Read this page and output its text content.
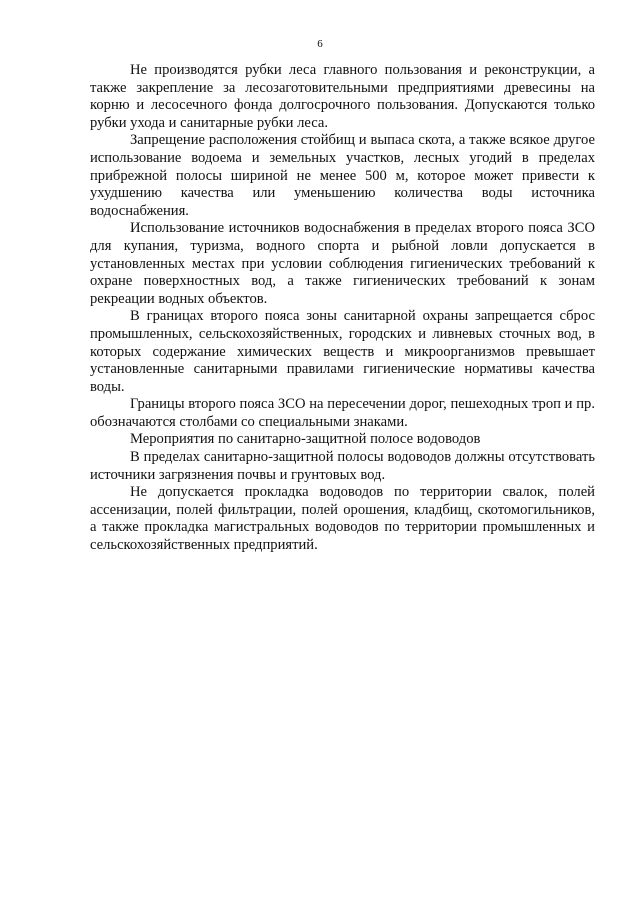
6

Не производятся рубки леса главного пользования и реконструкции, а также закрепление за лесозаготовительными предприятиями древесины на корню и лесосечного фонда долгосрочного пользования. Допускаются только рубки ухода и санитарные рубки леса.

Запрещение расположения стойбищ и выпаса скота, а также всякое другое использование водоема и земельных участков, лесных угодий в пределах прибрежной полосы шириной не менее 500 м, которое может привести к ухудшению качества или уменьшению количества воды источника водоснабжения.

Использование источников водоснабжения в пределах второго пояса ЗСО для купания, туризма, водного спорта и рыбной ловли допускается в установленных местах при условии соблюдения гигиенических требований к охране поверхностных вод, а также гигиенических требований к зонам рекреации водных объектов.

В границах второго пояса зоны санитарной охраны запрещается сброс промышленных, сельскохозяйственных, городских и ливневых сточных вод, в которых содержание химических веществ и микроорганизмов превышает установленные санитарными правилами гигиенические нормативы качества воды.

Границы второго пояса ЗСО на пересечении дорог, пешеходных троп и пр. обозначаются столбами со специальными знаками.

Мероприятия по санитарно-защитной полосе водоводов

В пределах санитарно-защитной полосы водоводов должны отсутствовать источники загрязнения почвы и грунтовых вод.

Не допускается прокладка водоводов по территории свалок, полей ассенизации, полей фильтрации, полей орошения, кладбищ, скотомогильников, а также прокладка магистральных водоводов по территории промышленных и сельскохозяйственных предприятий.
